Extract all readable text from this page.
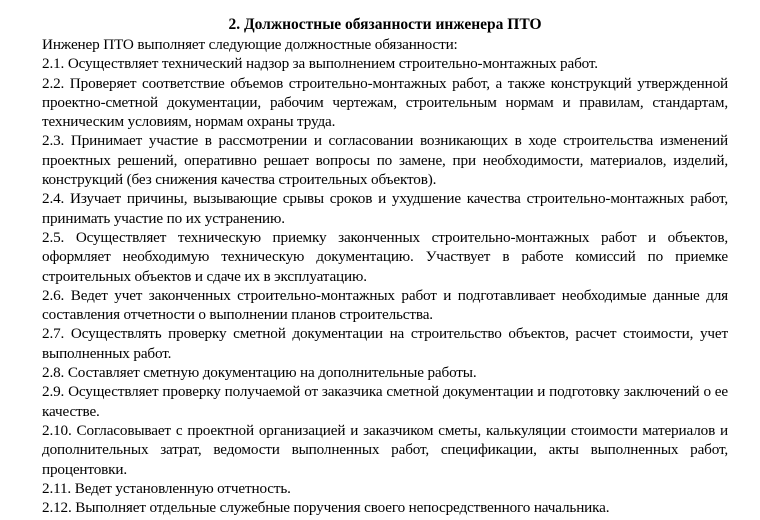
2. Должностные обязанности инженера ПТО

Инженер ПТО выполняет следующие должностные обязанности:

2.1. Осуществляет технический надзор за выполнением строительно-монтажных работ.

2.2. Проверяет соответствие объемов строительно-монтажных работ, а также конструкций утвержденной проектно-сметной документации, рабочим чертежам, строительным нормам и правилам, стандартам, техническим условиям, нормам охраны труда.

2.3. Принимает участие в рассмотрении и согласовании возникающих в ходе строительства изменений проектных решений, оперативно решает вопросы по замене, при необходимости, материалов, изделий, конструкций (без снижения качества строительных объектов).

2.4. Изучает причины, вызывающие срывы сроков и ухудшение качества строительно-монтажных работ, принимать участие по их устранению.

2.5. Осуществляет техническую приемку законченных строительно-монтажных работ и объектов, оформляет необходимую техническую документацию. Участвует в работе комиссий по приемке строительных объектов и сдаче их в эксплуатацию.

2.6. Ведет учет законченных строительно-монтажных работ и подготавливает необходимые данные для составления отчетности о выполнении планов строительства.

2.7. Осуществлять проверку сметной документации на строительство объектов, расчет стоимости, учет выполненных работ.

2.8. Составляет сметную документацию на дополнительные работы.

2.9. Осуществляет проверку получаемой от заказчика сметной документации и подготовку заключений о ее качестве.

2.10. Согласовывает с проектной организацией и заказчиком сметы, калькуляции стоимости материалов и дополнительных затрат, ведомости выполненных работ, спецификации, акты выполненных работ, процентовки.

2.11. Ведет установленную отчетность.

2.12. Выполняет отдельные служебные поручения своего непосредственного начальника.
